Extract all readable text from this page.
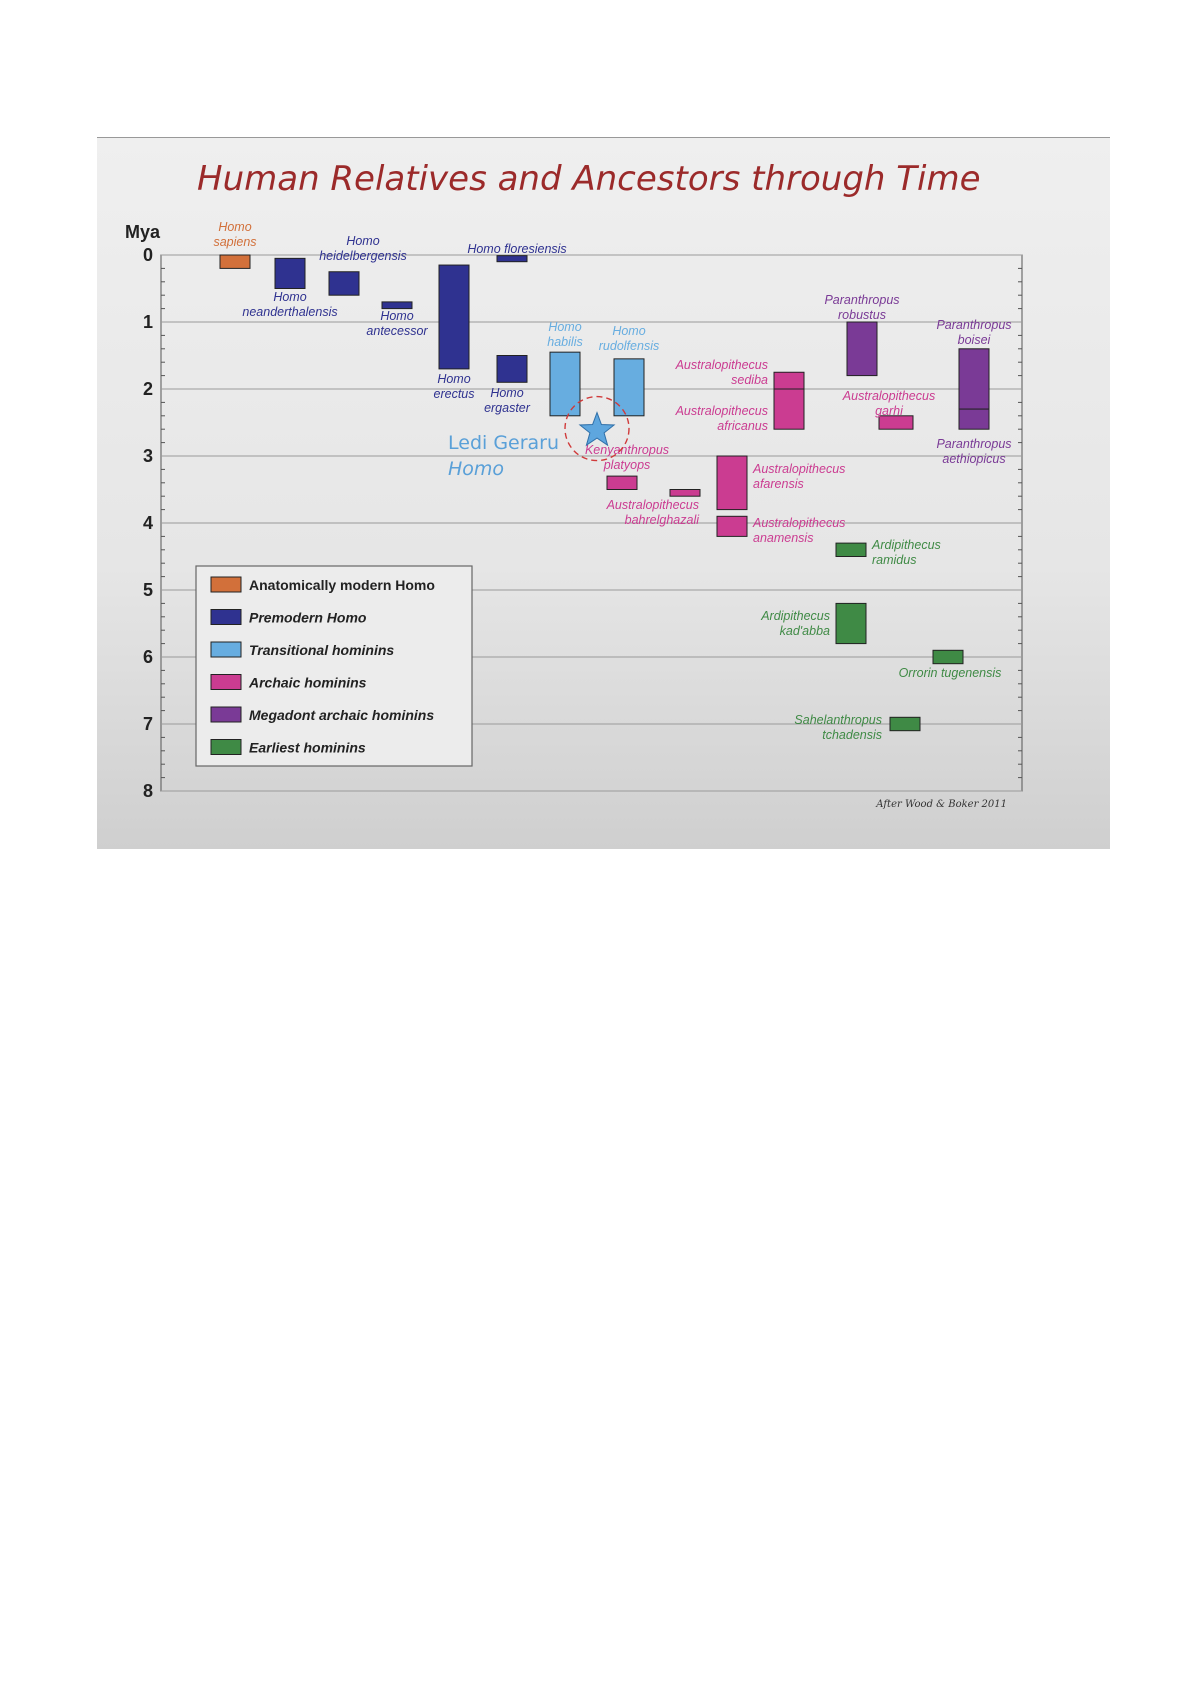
Human Relatives and Ancestors through Time
Mya
0
1
2
3
4
5
6
7
8
Homo sapiens
Homo neanderthalensis
Homo heidelbergensis
Homo antecessor
Homo erectus
Homo floresiensis
Homo ergaster
Homo habilis
Homo rudolfensis
Kenyanthropus platyops
Australopithecus bahrelghazali
Australopithecus afarensis
Australopithecus anamensis
Australopithecus sediba
Australopithecus africanus
Australopithecus garhi
Paranthropus robustus
Paranthropus boisei
Paranthropus aethiopicus
Ardipithecus ramidus
Ardipithecus kad'abba
Orrorin tugenensis
Sahelanthropus tchadensis
Ledi Geraru
Homo
Anatomically modern Homo
Premodern Homo
Transitional hominins
Archaic hominins
Megadont archaic hominins
Earliest hominins
After Wood & Boker 2011
